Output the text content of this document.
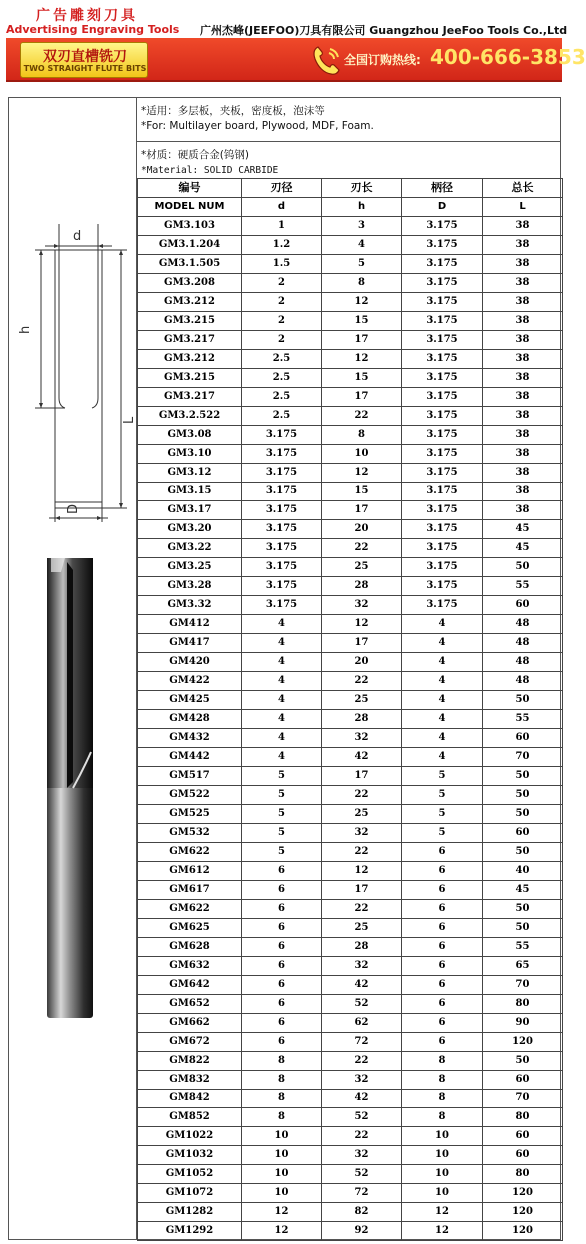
广告雕刻刀具
Advertising Engraving Tools 广州杰峰(JEEFOO)刀具有限公司 Guangzhou JeeFoo Tools Co.,Ltd
双刃直槽铣刀
TWO STRAIGHT FLUTE BITS
全国订购热线: 400-666-3853
d
h
L
D
*适用：多层板，夹板，密度板，泡沫等
*For: Multilayer board, Plywood, MDF, Foam.
*材质：硬质合金(钨钢)
*Material: SOLID CARBIDE
编号	刃径	刃长	柄径	总长
MODEL NUM	d	h	D	L
GM3.103	1	3	3.175	38
GM3.1.204	1.2	4	3.175	38
GM3.1.505	1.5	5	3.175	38
GM3.208	2	8	3.175	38
GM3.212	2	12	3.175	38
GM3.215	2	15	3.175	38
GM3.217	2	17	3.175	38
GM3.212	2.5	12	3.175	38
GM3.215	2.5	15	3.175	38
GM3.217	2.5	17	3.175	38
GM3.2.522	2.5	22	3.175	38
GM3.08	3.175	8	3.175	38
GM3.10	3.175	10	3.175	38
GM3.12	3.175	12	3.175	38
GM3.15	3.175	15	3.175	38
GM3.17	3.175	17	3.175	38
GM3.20	3.175	20	3.175	45
GM3.22	3.175	22	3.175	45
GM3.25	3.175	25	3.175	50
GM3.28	3.175	28	3.175	55
GM3.32	3.175	32	3.175	60
GM412	4	12	4	48
GM417	4	17	4	48
GM420	4	20	4	48
GM422	4	22	4	48
GM425	4	25	4	50
GM428	4	28	4	55
GM432	4	32	4	60
GM442	4	42	4	70
GM517	5	17	5	50
GM522	5	22	5	50
GM525	5	25	5	50
GM532	5	32	5	60
GM622	5	22	6	50
GM612	6	12	6	40
GM617	6	17	6	45
GM622	6	22	6	50
GM625	6	25	6	50
GM628	6	28	6	55
GM632	6	32	6	65
GM642	6	42	6	70
GM652	6	52	6	80
GM662	6	62	6	90
GM672	6	72	6	120
GM822	8	22	8	50
GM832	8	32	8	60
GM842	8	42	8	70
GM852	8	52	8	80
GM1022	10	22	10	60
GM1032	10	32	10	60
GM1052	10	52	10	80
GM1072	10	72	10	120
GM1282	12	82	12	120
GM1292	12	92	12	120
